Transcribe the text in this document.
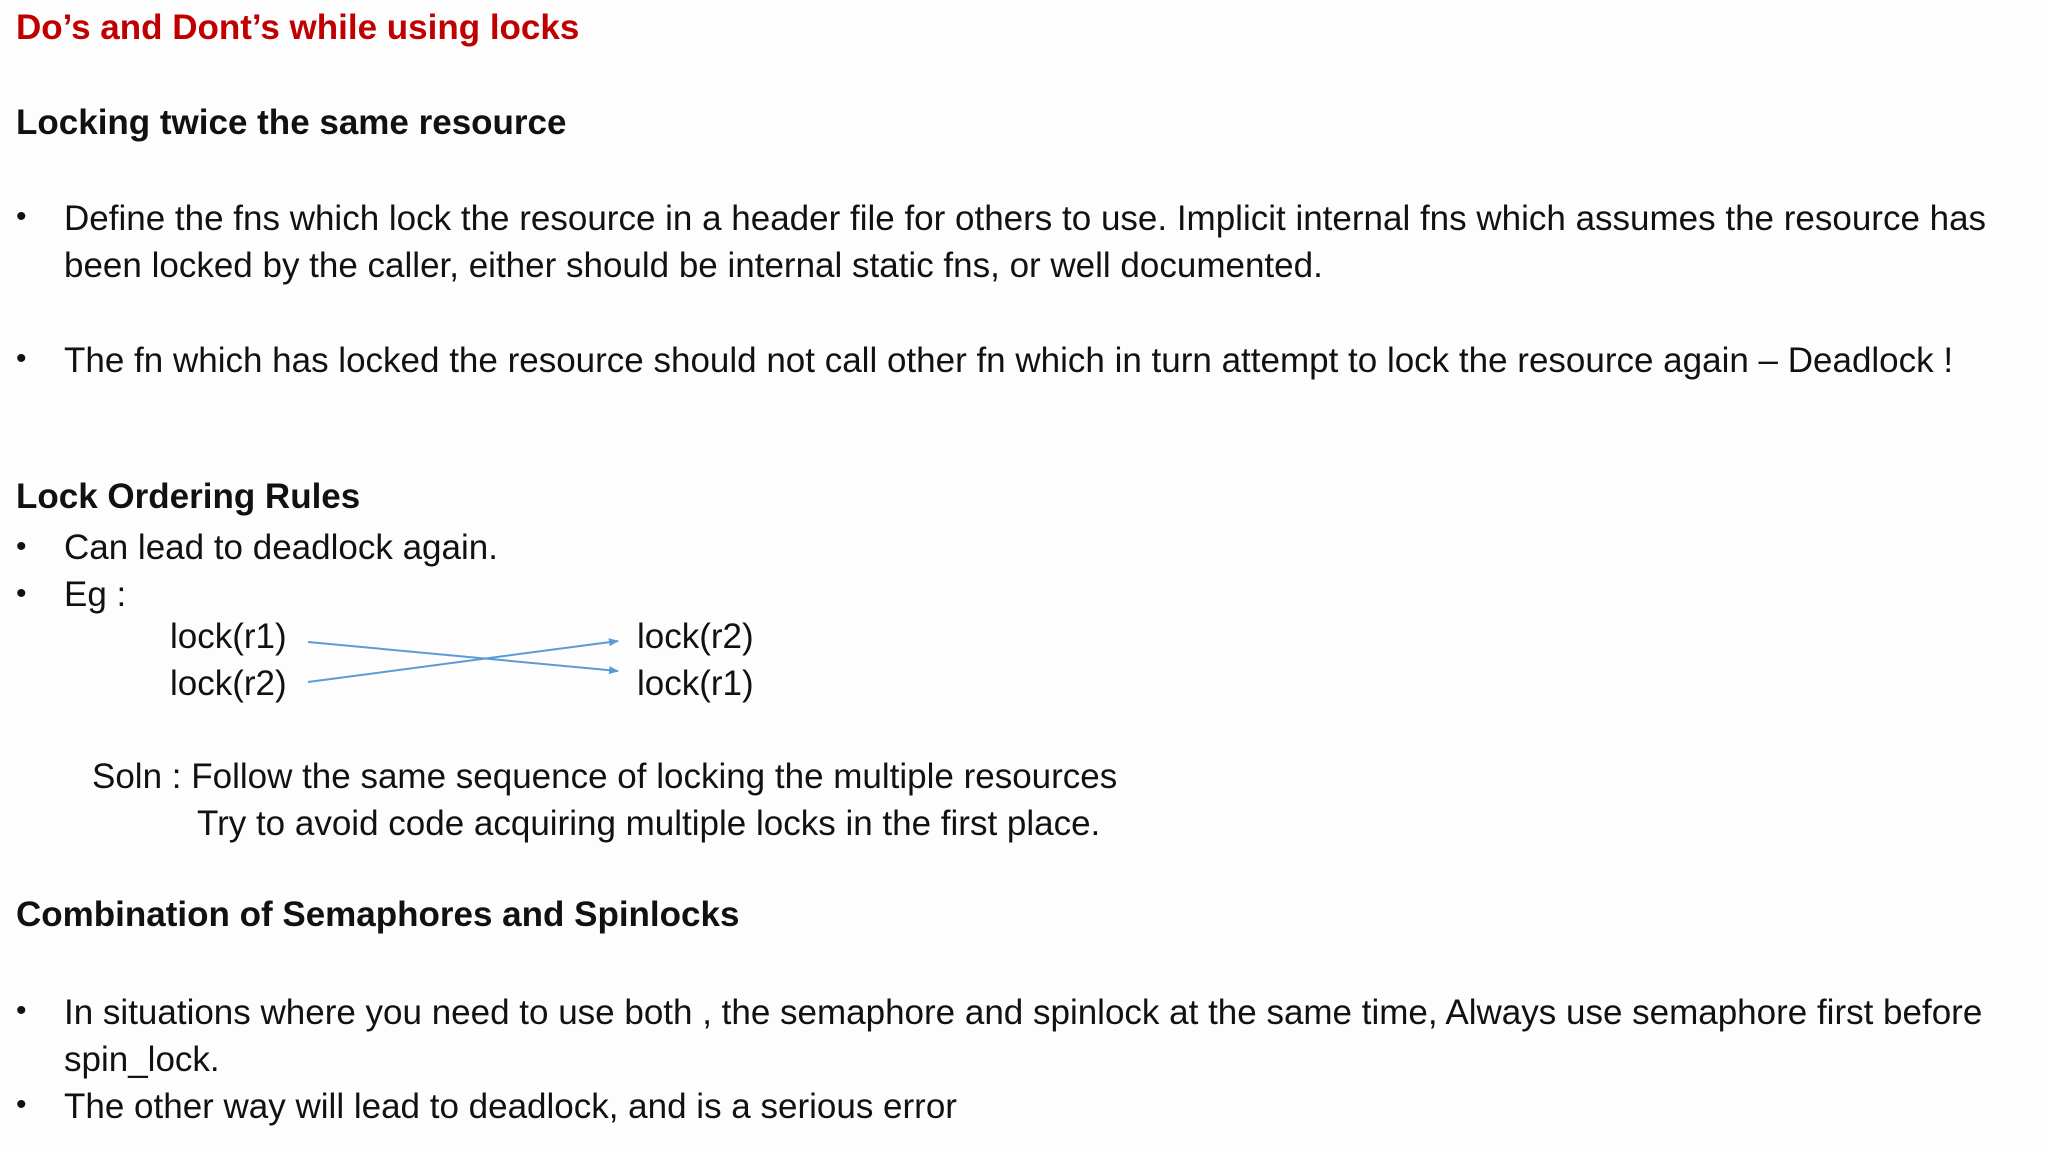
Do’s and Dont’s while using locks
Locking twice the same resource
• Define the fns which lock the resource in a header file for others to use. Implicit internal fns which assumes the resource has
been locked by the caller, either should be internal static fns, or well documented.
• The fn which has locked the resource should not call other fn which in turn attempt to lock the resource again – Deadlock !
Lock Ordering Rules
• Can lead to deadlock again.
• Eg :
lock(r1)
lock(r2)
lock(r2)
lock(r1)
Soln : Follow the same sequence of locking the multiple resources
Try to avoid code acquiring multiple locks in the first place.
Combination of Semaphores and Spinlocks
• In situations where you need to use both , the semaphore and spinlock at the same time, Always use semaphore first before
spin_lock.
• The other way will lead to deadlock, and is a serious error
